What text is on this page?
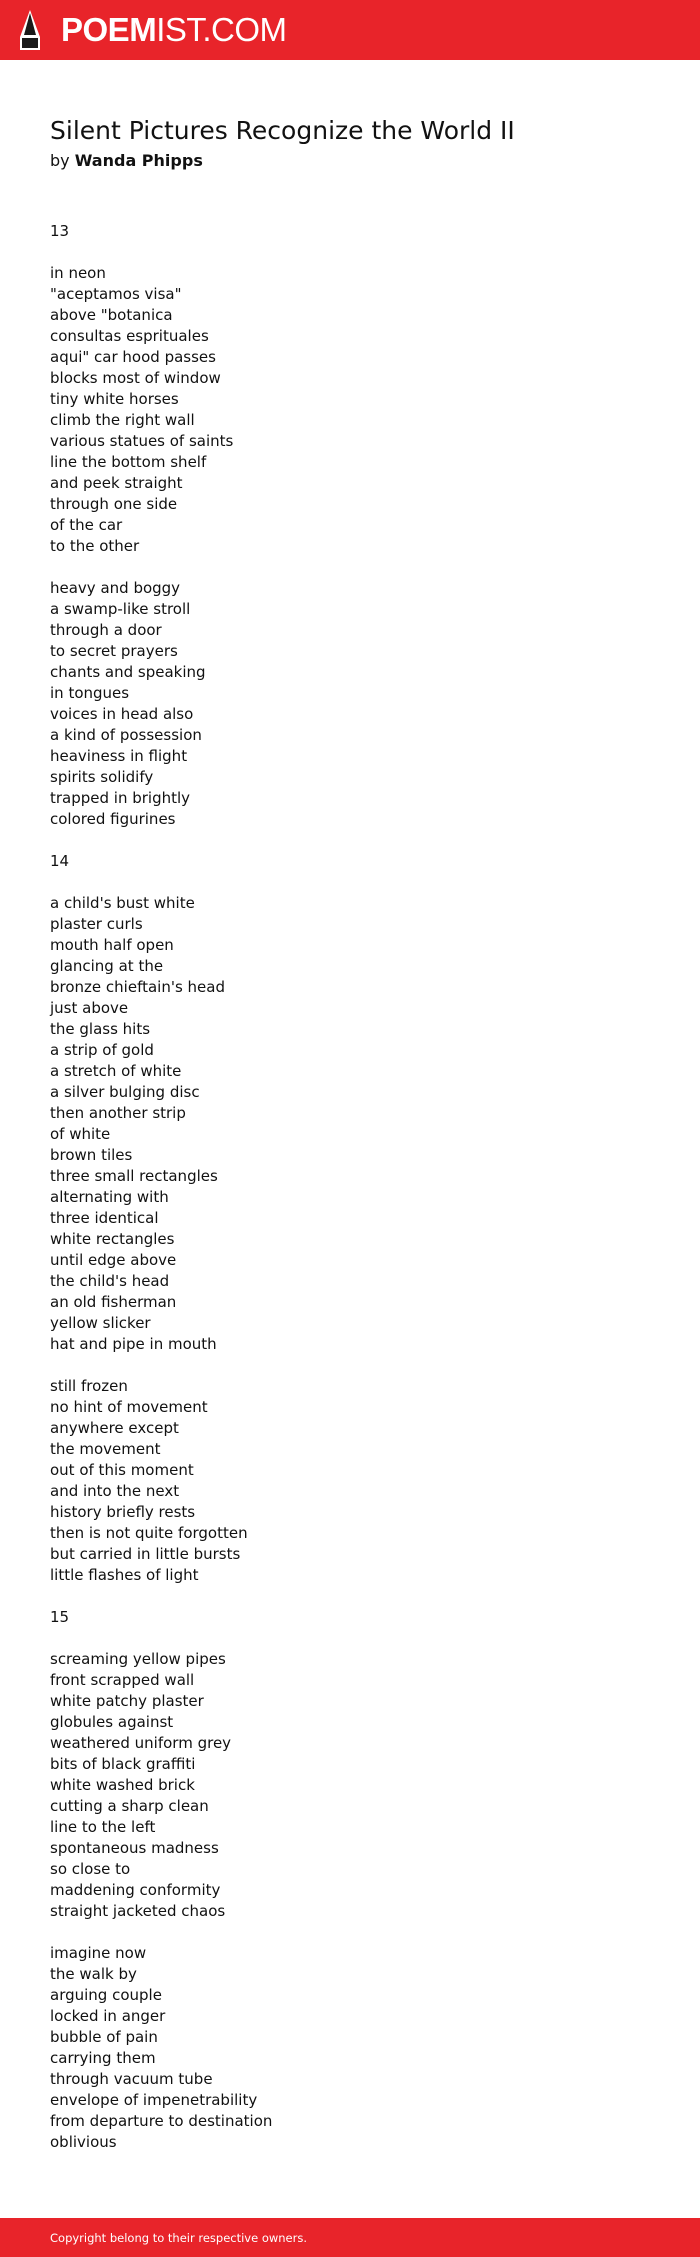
POEMIST.COM
Silent Pictures Recognize the World II

by Wanda Phipps

13
in neon
"aceptamos visa"
above "botanica
consultas esprituales
aqui" car hood passes
blocks most of window
tiny white horses
climb the right wall
various statues of saints
line the bottom shelf
and peek straight
through one side
of the car
to the other
heavy and boggy
a swamp-like stroll
through a door
to secret prayers
chants and speaking
in tongues
voices in head also
a kind of possession
heaviness in flight
spirits solidify
trapped in brightly
colored figurines
14
a child's bust white
plaster curls
mouth half open
glancing at the
bronze chieftain's head
just above
the glass hits
a strip of gold
a stretch of white
a silver bulging disc
then another strip
of white
brown tiles
three small rectangles
alternating with
three identical
white rectangles
until edge above
the child's head
an old fisherman
yellow slicker
hat and pipe in mouth
still frozen
no hint of movement
anywhere except
the movement
out of this moment
and into the next
history briefly rests
then is not quite forgotten
but carried in little bursts
little flashes of light
15
screaming yellow pipes
front scrapped wall
white patchy plaster
globules against
weathered uniform grey
bits of black graffiti
white washed brick
cutting a sharp clean
line to the left
spontaneous madness
so close to
maddening conformity
straight jacketed chaos
imagine now
the walk by
arguing couple
locked in anger
bubble of pain
carrying them
through vacuum tube
envelope of impenetrability
from departure to destination
oblivious
Copyright belong to their respective owners.
